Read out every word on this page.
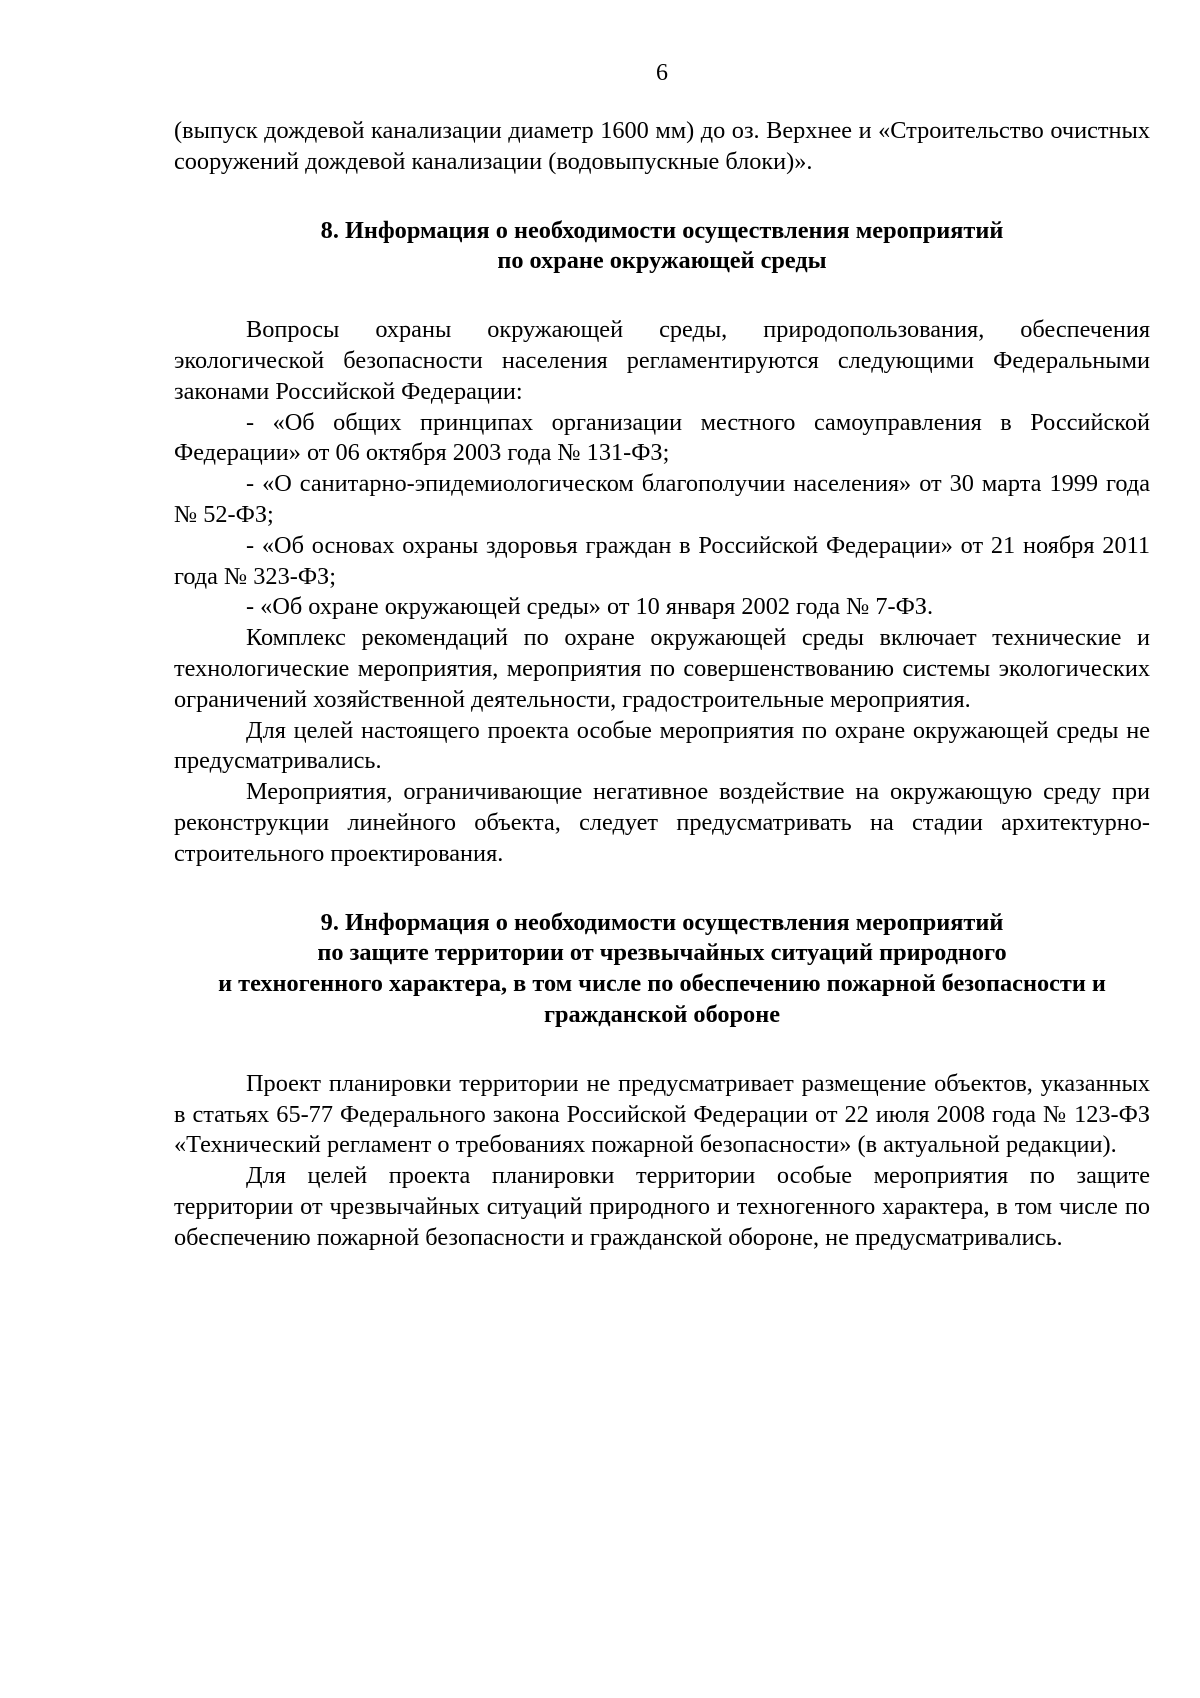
6

(выпуск дождевой канализации диаметр 1600 мм) до оз. Верхнее и «Строительство очистных сооружений дождевой канализации (водовыпускные блоки)».

8. Информация о необходимости осуществления мероприятий
по охране окружающей среды

Вопросы охраны окружающей среды, природопользования, обеспечения экологической безопасности населения регламентируются следующими Федеральными законами Российской Федерации:

- «Об общих принципах организации местного самоуправления в Российской Федерации» от 06 октября 2003 года № 131-ФЗ;

- «О санитарно-эпидемиологическом благополучии населения» от 30 марта 1999 года № 52-ФЗ;

- «Об основах охраны здоровья граждан в Российской Федерации» от 21 ноября 2011 года № 323-ФЗ;

- «Об охране окружающей среды» от 10 января 2002 года № 7-ФЗ.

Комплекс рекомендаций по охране окружающей среды включает технические и технологические мероприятия, мероприятия по совершенствованию системы экологических ограничений хозяйственной деятельности, градостроительные мероприятия.

Для целей настоящего проекта особые мероприятия по охране окружающей среды не предусматривались.

Мероприятия, ограничивающие негативное воздействие на окружающую среду при реконструкции линейного объекта, следует предусматривать на стадии архитектурно-строительного проектирования.

9. Информация о необходимости осуществления мероприятий
по защите территории от чрезвычайных ситуаций природного
и техногенного характера, в том числе по обеспечению пожарной безопасности и
гражданской обороне

Проект планировки территории не предусматривает размещение объектов, указанных в статьях 65-77 Федерального закона Российской Федерации от 22 июля 2008 года № 123-ФЗ «Технический регламент о требованиях пожарной безопасности» (в актуальной редакции).

Для целей проекта планировки территории особые мероприятия по защите территории от чрезвычайных ситуаций природного и техногенного характера, в том числе по обеспечению пожарной безопасности и гражданской обороне, не предусматривались.
